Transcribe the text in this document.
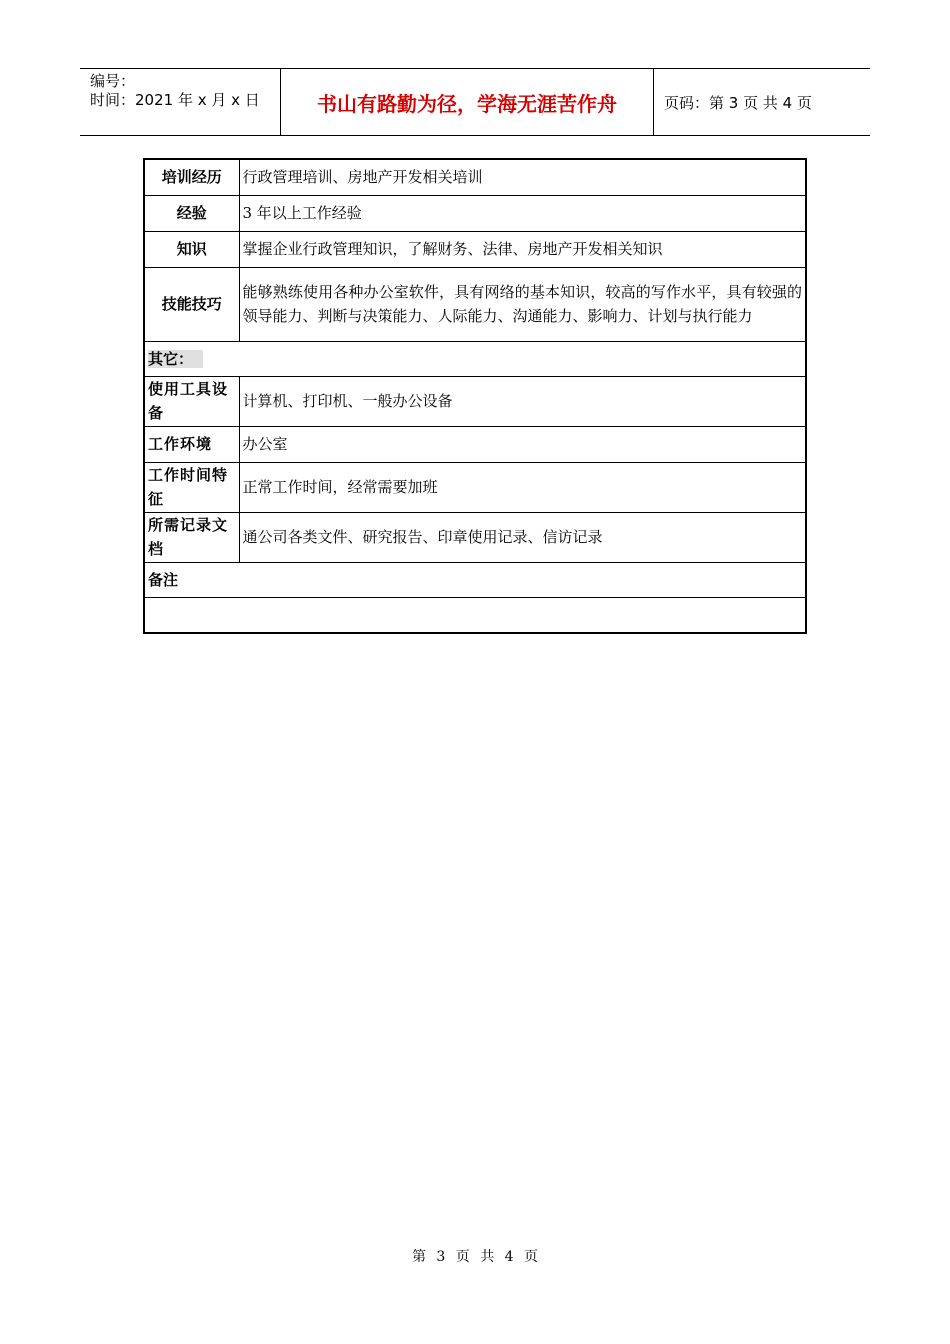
编号：
时间：2021 年 x 月 x 日	书山有路勤为径，学海无涯苦作舟	页码：第 3 页 共 4 页
培训经历	行政管理培训、房地产开发相关培训
经验	3 年以上工作经验
知识	掌握企业行政管理知识，了解财务、法律、房地产开发相关知识
技能技巧	能够熟练使用各种办公室软件，具有网络的基本知识，较高的写作水平，具有较强的领导能力、判断与决策能力、人际能力、沟通能力、影响力、计划与执行能力
其它：	
使用工具设备	计算机、打印机、一般办公设备
工作环境	办公室
工作时间特征	正常工作时间，经常需要加班
所需记录文档	通公司各类文件、研究报告、印章使用记录、信访记录
备注	

第 3 页 共 4 页
